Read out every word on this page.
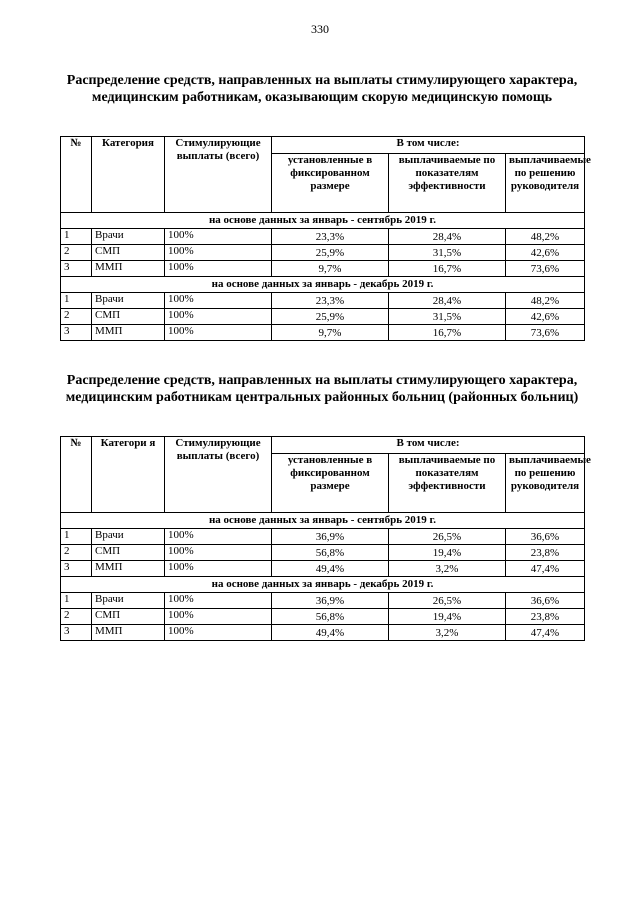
330
Распределение средств, направленных на выплаты стимулирующего характера, медицинским работникам, оказывающим скорую медицинскую помощь
№	Категория	Стимулирующие выплаты (всего)	В том числе:		
			установленные в фиксированном размере	выплачиваемые по показателям эффективности	выплачиваемые по решению руководителя
на основе данных за январь - сентябрь 2019 г.					
1	Врачи	100%	23,3%	28,4%	48,2%
2	СМП	100%	25,9%	31,5%	42,6%
3	ММП	100%	9,7%	16,7%	73,6%
на основе данных за январь - декабрь 2019 г.					
1	Врачи	100%	23,3%	28,4%	48,2%
2	СМП	100%	25,9%	31,5%	42,6%
3	ММП	100%	9,7%	16,7%	73,6%
Распределение средств, направленных на выплаты стимулирующего характера, медицинским работникам центральных районных больниц (районных больниц)
№	Категори я	Стимулирующие выплаты (всего)	В том числе:		
			установленные в фиксированном размере	выплачиваемые по показателям эффективности	выплачиваемые по решению руководителя
на основе данных за январь - сентябрь 2019 г.					
1	Врачи	100%	36,9%	26,5%	36,6%
2	СМП	100%	56,8%	19,4%	23,8%
3	ММП	100%	49,4%	3,2%	47,4%
на основе данных за январь - декабрь 2019 г.					
1	Врачи	100%	36,9%	26,5%	36,6%
2	СМП	100%	56,8%	19,4%	23,8%
3	ММП	100%	49,4%	3,2%	47,4%
